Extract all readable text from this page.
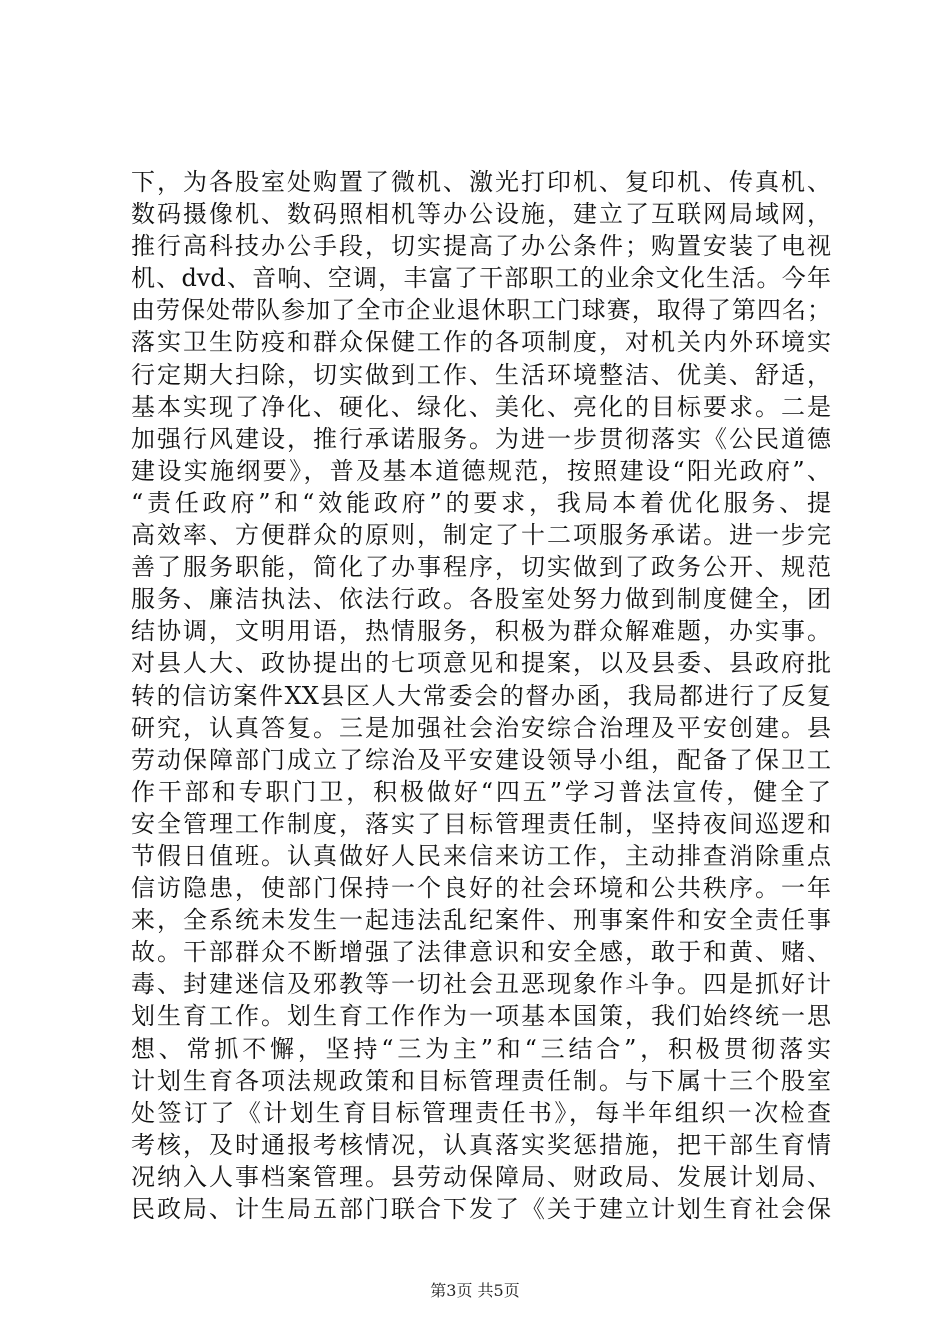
下，为各股室处购置了微机、激光打印机、复印机、传真机、
数码摄像机、数码照相机等办公设施，建立了互联网局域网，
推行高科技办公手段，切实提高了办公条件；购置安装了电视
机、dvd、音响、空调，丰富了干部职工的业余文化生活。今年
由劳保处带队参加了全市企业退休职工门球赛，取得了第四名；
落实卫生防疫和群众保健工作的各项制度，对机关内外环境实
行定期大扫除，切实做到工作、生活环境整洁、优美、舒适，
基本实现了净化、硬化、绿化、美化、亮化的目标要求。二是
加强行风建设，推行承诺服务。为进一步贯彻落实《公民道德
建设实施纲要》，普及基本道德规范，按照建设“阳光政府”、
“责任政府”和“效能政府”的要求，我局本着优化服务、提
高效率、方便群众的原则，制定了十二项服务承诺。进一步完
善了服务职能，简化了办事程序，切实做到了政务公开、规范
服务、廉洁执法、依法行政。各股室处努力做到制度健全，团
结协调，文明用语，热情服务，积极为群众解难题，办实事。
对县人大、政协提出的七项意见和提案，以及县委、县政府批
转的信访案件XX县区人大常委会的督办函，我局都进行了反复
研究，认真答复。三是加强社会治安综合治理及平安创建。县
劳动保障部门成立了综治及平安建设领导小组，配备了保卫工
作干部和专职门卫，积极做好“四五”学习普法宣传，健全了
安全管理工作制度，落实了目标管理责任制，坚持夜间巡逻和
节假日值班。认真做好人民来信来访工作，主动排查消除重点
信访隐患，使部门保持一个良好的社会环境和公共秩序。一年
来，全系统未发生一起违法乱纪案件、刑事案件和安全责任事
故。干部群众不断增强了法律意识和安全感，敢于和黄、赌、
毒、封建迷信及邪教等一切社会丑恶现象作斗争。四是抓好计
划生育工作。划生育工作作为一项基本国策，我们始终统一思
想、常抓不懈，坚持“三为主”和“三结合”，积极贯彻落实
计划生育各项法规政策和目标管理责任制。与下属十三个股室
处签订了《计划生育目标管理责任书》，每半年组织一次检查
考核，及时通报考核情况，认真落实奖惩措施，把干部生育情
况纳入人事档案管理。县劳动保障局、财政局、发展计划局、
民政局、计生局五部门联合下发了《关于建立计划生育社会保
第3页 共5页
